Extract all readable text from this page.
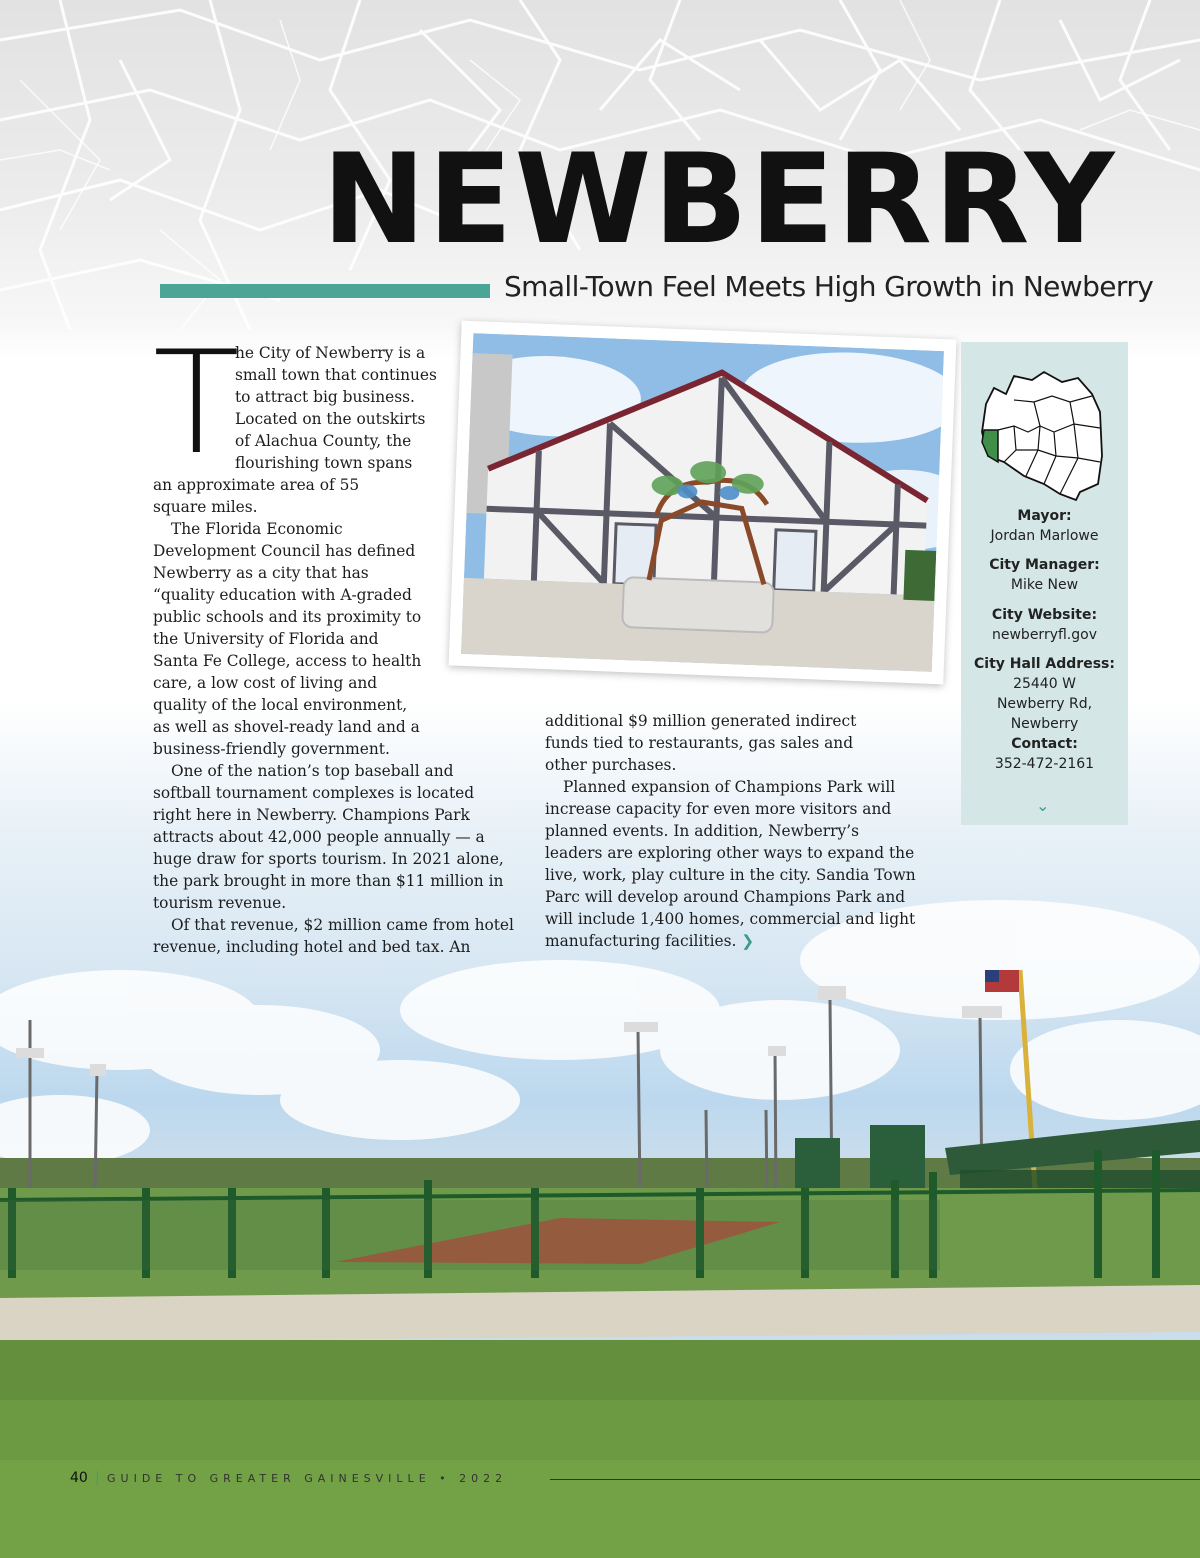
NEWBERRY
Small-Town Feel Meets High Growth in Newberry
T
he City of Newberry is a
small town that continues
to attract big business.
Located on the outskirts
of Alachua County, the
flourishing town spans

an approximate area of 55 square miles.

The Florida Economic Development Council has defined Newberry as a city that has “quality education with A-graded public schools and its proximity to the University of Florida and Santa Fe College, access to health care, a low cost of living and quality of the local environment, as well as shovel-ready land and a business-friendly government.

One of the nation’s top baseball and softball tournament complexes is located right here in Newberry. Champions Park attracts about 42,000 people annually — a huge draw for sports tourism. In 2021 alone, the park brought in more than $11 million in tourism revenue.

Of that revenue, $2 million came from hotel revenue, including hotel and bed tax. An

additional $9 million generated indirect funds tied to restaurants, gas sales and other purchases.

Planned expansion of Champions Park will increase capacity for even more visitors and planned events. In addition, Newberry’s leaders are exploring other ways to expand the live, work, play culture in the city. Sandia Town Parc will develop around Champions Park and will include 1,400 homes, commercial and light manufacturing facilities. ❯

Mayor:
Jordan Marlowe
City Manager:
Mike New
City Website:
newberryfl.gov
City Hall Address:
25440 W
Newberry Rd,
Newberry
Contact:
352-472-2161
⌄
40 | GUIDE TO GREATER GAINESVILLE • 2022
